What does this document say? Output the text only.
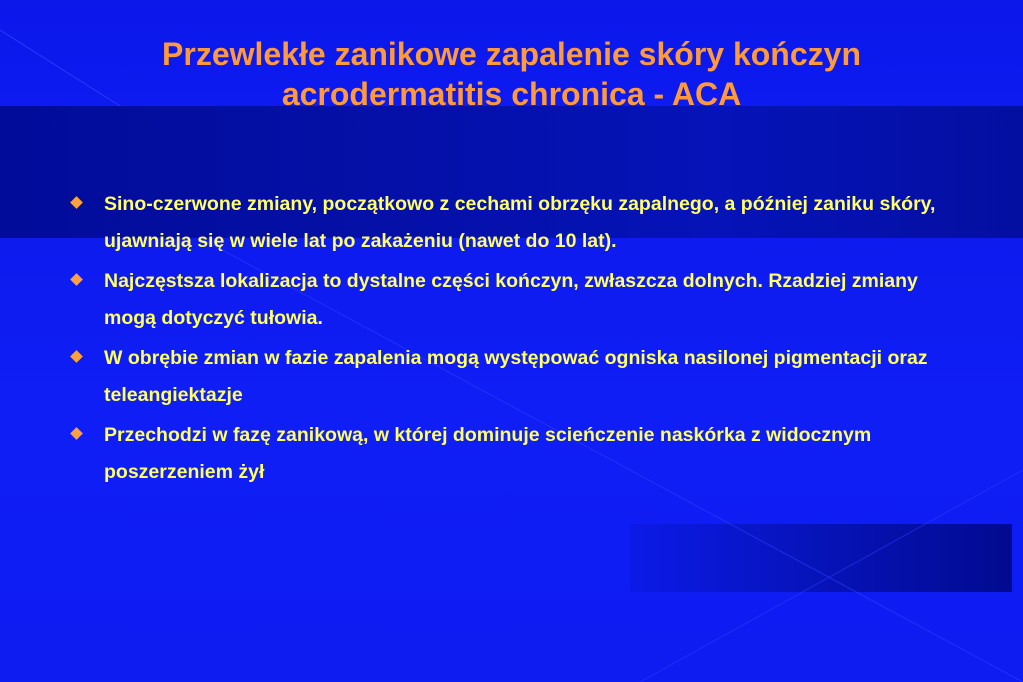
Przewlekłe zanikowe zapalenie skóry kończyn
acrodermatitis chronica - ACA
Sino-czerwone zmiany, początkowo z cechami obrzęku zapalnego, a później zaniku skóry, ujawniają się w wiele lat po zakażeniu (nawet do 10 lat).
Najczęstsza lokalizacja to dystalne części kończyn, zwłaszcza dolnych. Rzadziej zmiany mogą dotyczyć tułowia.
W obrębie zmian w fazie zapalenia mogą występować ogniska nasilonej pigmentacji oraz teleangiektazje
Przechodzi w fazę zanikową, w której dominuje scieńczenie naskórka z widocznym poszerzeniem żył
